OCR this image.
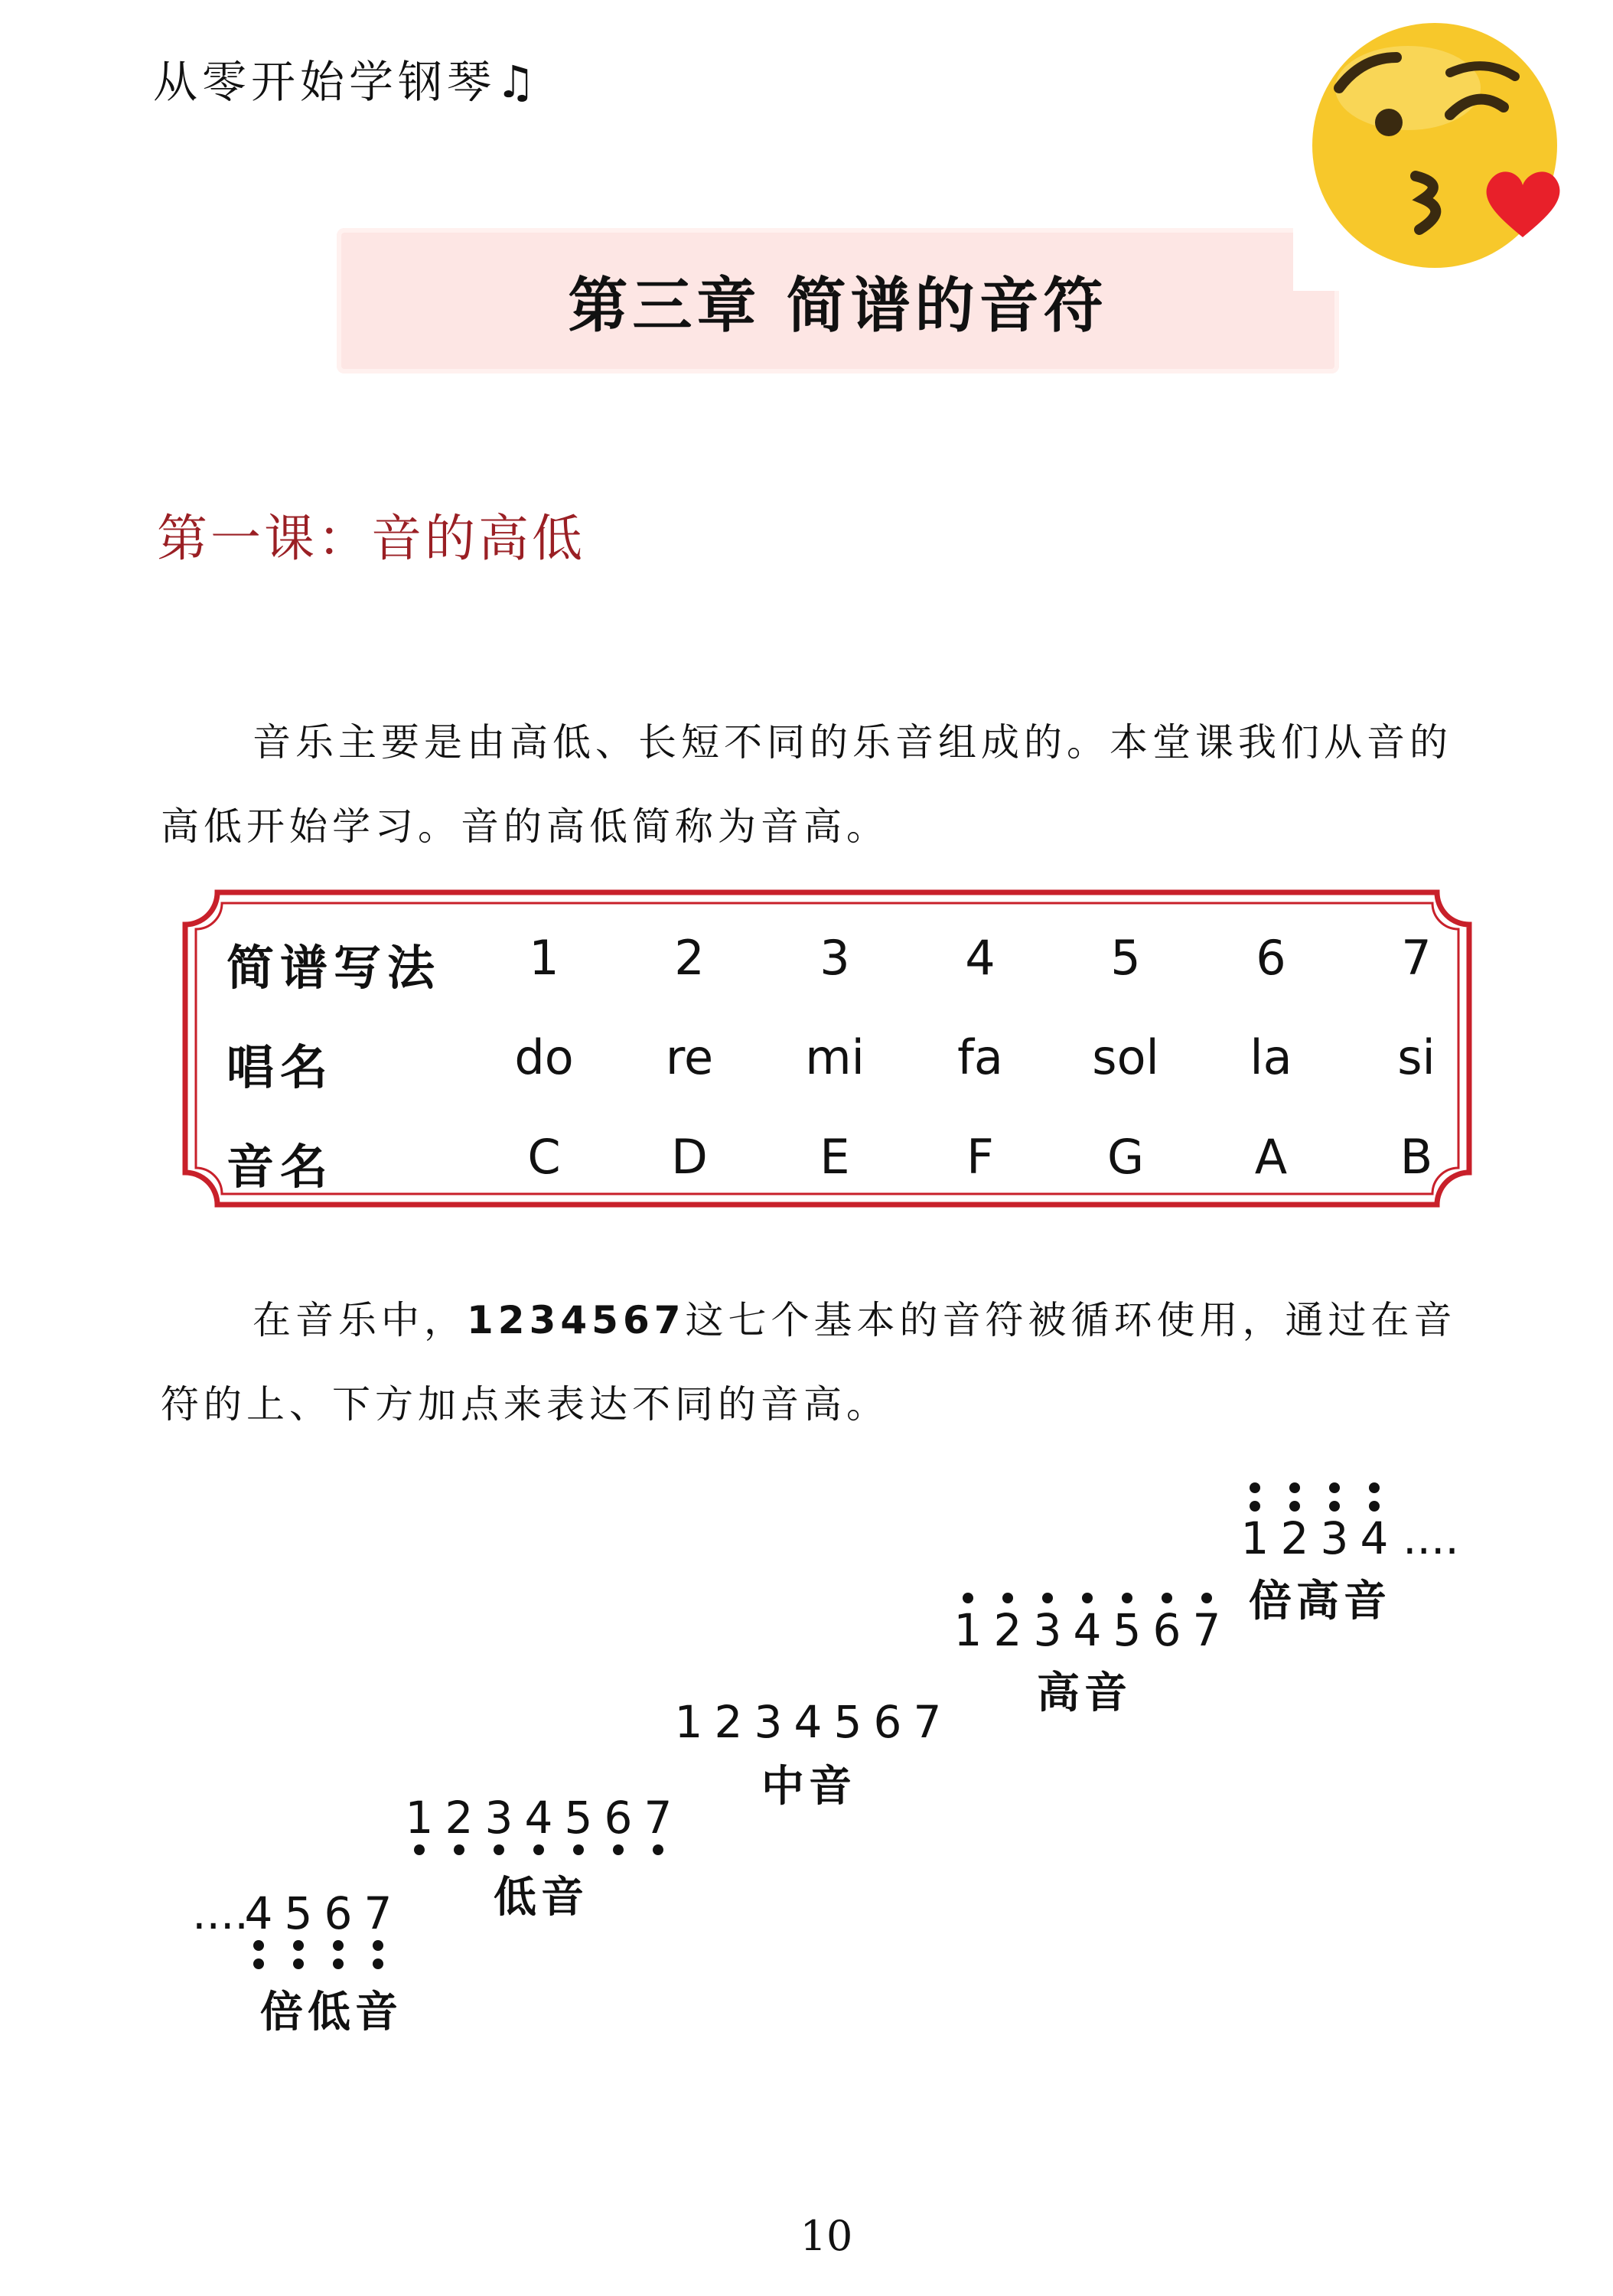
从零开始学钢琴♫
第三章 简谱的音符
第一课：音的高低
音乐主要是由高低、长短不同的乐音组成的。本堂课我们从音的高低开始学习。音的高低简称为音高。
简谱写法 1 2 3 4 5 6 7
唱名	do	re	mi	fa	sol	la	si
音名	C D E F G A B
在音乐中，1234567这七个基本的音符被循环使用，通过在音符的上、下方加点来表达不同的音高。
1 2 3 4 ....
1 2 3 4 5 6 7
1 2 3 4 5 6 7
1 2 3 4 5 6 7
....
4 5 6 7
倍高音
高音
中音
低音
倍低音
10
